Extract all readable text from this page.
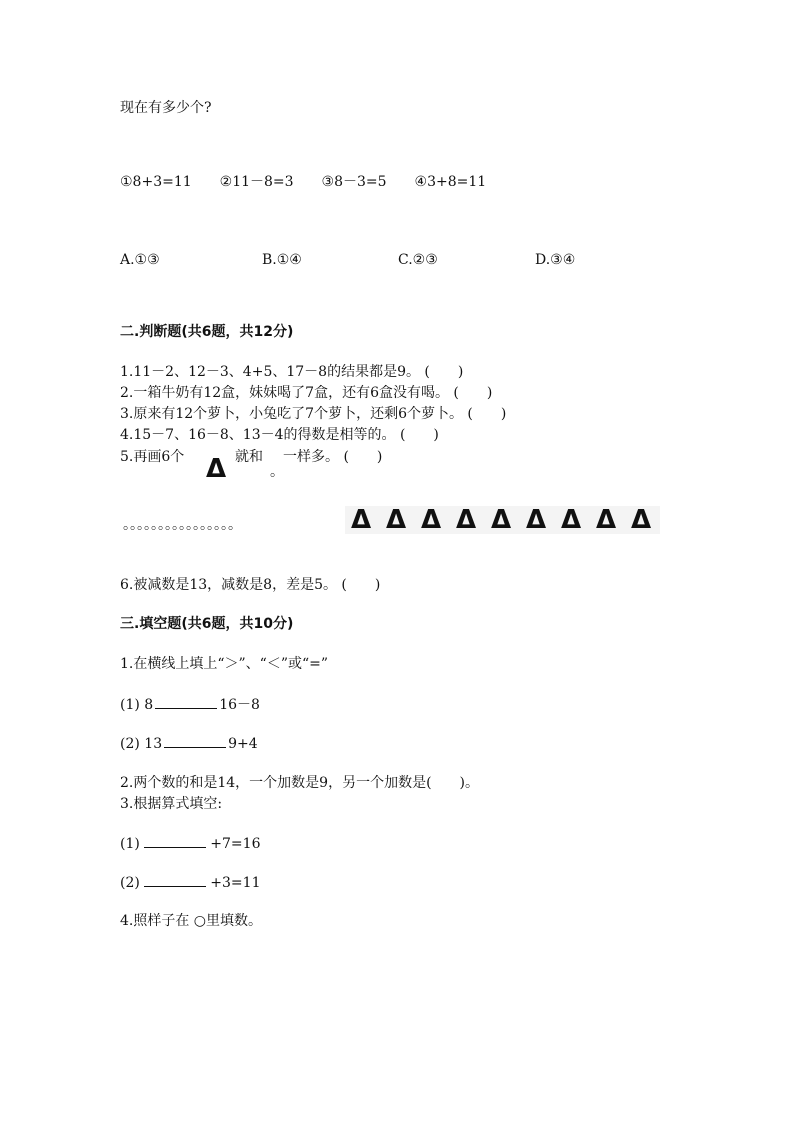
现在有多少个?
①8+3=11  ②11－8=3  ③8－3=5  ④3+8=11
A.①③	B.①④	C.②③	D.③④
二.判断题(共6题，共12分)
1.11－2、12－3、4+5、17－8的结果都是9。 (  )
2.一箱牛奶有12盒，妹妹喝了7盒，还有6盒没有喝。 (  )
3.原来有12个萝卜，小兔吃了7个萝卜，还剩6个萝卜。 (  )
4.15－7、16－8、13－4的得数是相等的。 (  )
5.再画6个 Δ 就和
。
一样多。 (  )
。。。。。。。。。。。。。。。。	Δ Δ Δ Δ Δ Δ Δ Δ Δ
6.被减数是13，减数是8，差是5。 (  )
三.填空题(共6题，共10分)
1.在横线上填上“＞”、“＜”或“=”
(1) 8	16－8
(2) 13	9+4
2.两个数的和是14，一个加数是9，另一个加数是(  )。
3.根据算式填空:
(1)	+7=16
(2)	+3=11
4.照样子在 ○里填数。
